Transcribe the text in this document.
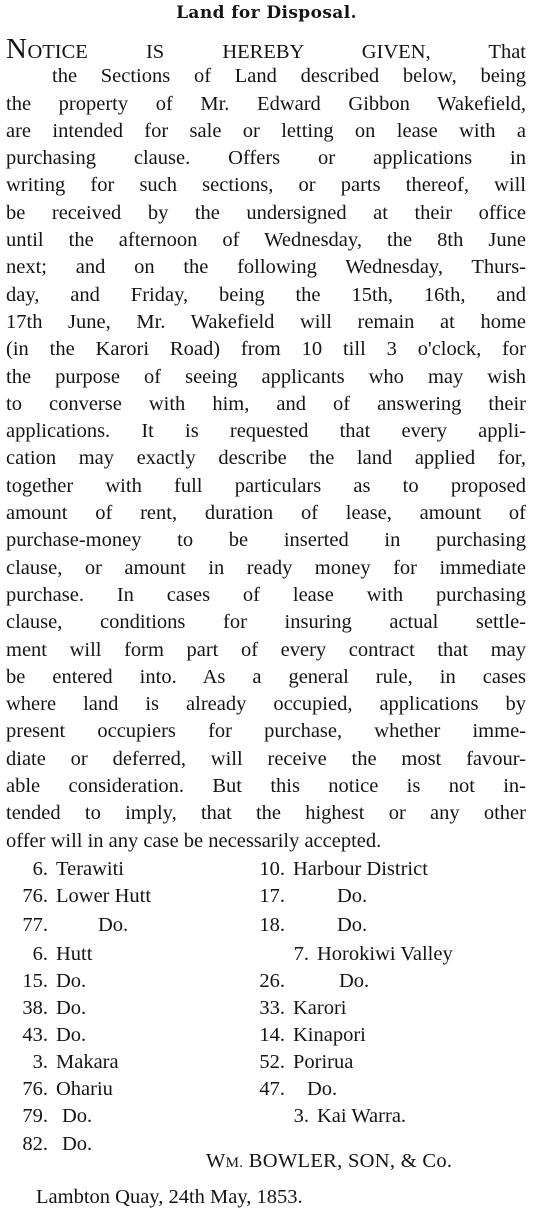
Land for Disposal.
NOTICE IS HEREBY GIVEN, That
the Sections of Land described below, being
the property of Mr. Edward Gibbon Wakefield,
are intended for sale or letting on lease with a
purchasing clause. Offers or applications in
writing for such sections, or parts thereof, will
be received by the undersigned at their office
until the afternoon of Wednesday, the 8th June
next; and on the following Wednesday, Thurs-
day, and Friday, being the 15th, 16th, and
17th June, Mr. Wakefield will remain at home
(in the Karori Road) from 10 till 3 o'clock, for
the purpose of seeing applicants who may wish
to converse with him, and of answering their
applications. It is requested that every appli-
cation may exactly describe the land applied for,
together with full particulars as to proposed
amount of rent, duration of lease, amount of
purchase-money to be inserted in purchasing
clause, or amount in ready money for immediate
purchase. In cases of lease with purchasing
clause, conditions for insuring actual settle-
ment will form part of every contract that may
be entered into. As a general rule, in cases
where land is already occupied, applications by
present occupiers for purchase, whether imme-
diate or deferred, will receive the most favour-
able consideration. But this notice is not in-
tended to imply, that the highest or any other
offer will in any case be necessarily accepted.
6. Terawiti
76. Lower Hutt
77. Do.
6. Hutt
15. Do.
38. Do.
43. Do.
3. Makara
76. Ohariu
79. Do.
82. Do.
10. Harbour District
17.	Do.
18.	Do.
7. Horokiwi Valley
26.	Do.
33. Karori
14. Kinapori
52. Porirua
47. Do.
3. Kai Warra.
WM. BOWLER, SON, & Co.
Lambton Quay, 24th May, 1853.
